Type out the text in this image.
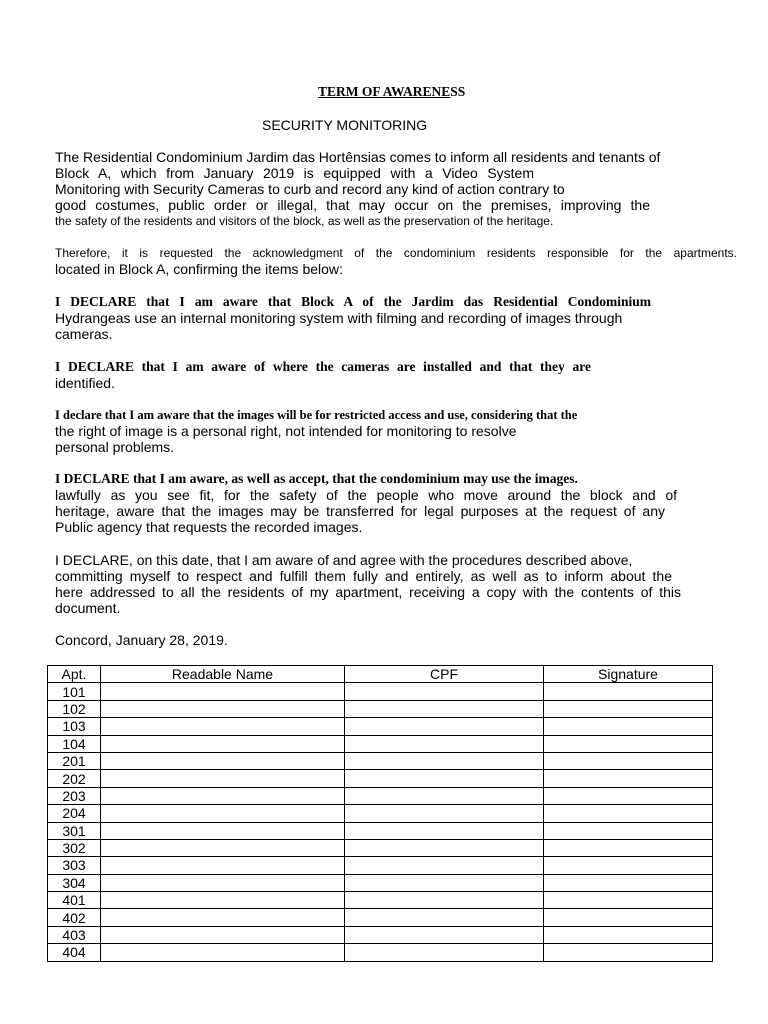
TERM OF AWARENESS
SECURITY MONITORING
The Residential Condominium Jardim das Hortênsias comes to inform all residents and tenants of
Block A, which from January 2019 is equipped with a Video System
Monitoring with Security Cameras to curb and record any kind of action contrary to
good costumes, public order or illegal, that may occur on the premises, improving the
the safety of the residents and visitors of the block, as well as the preservation of the heritage.
Therefore, it is requested the acknowledgment of the condominium residents responsible for the apartments.
located in Block A, confirming the items below:
I DECLARE that I am aware that Block A of the Jardim das Residential Condominium
Hydrangeas use an internal monitoring system with filming and recording of images through
cameras.
I DECLARE that I am aware of where the cameras are installed and that they are
identified.
I declare that I am aware that the images will be for restricted access and use, considering that the
the right of image is a personal right, not intended for monitoring to resolve
personal problems.
I DECLARE that I am aware, as well as accept, that the condominium may use the images.
lawfully as you see fit, for the safety of the people who move around the block and of
heritage, aware that the images may be transferred for legal purposes at the request of any
Public agency that requests the recorded images.
I DECLARE, on this date, that I am aware of and agree with the procedures described above,
committing myself to respect and fulfill them fully and entirely, as well as to inform about the
here addressed to all the residents of my apartment, receiving a copy with the contents of this
document.
Concord, January 28, 2019.
Apt.	Readable Name	CPF	Signature
101			
102			
103			
104			
201			
202			
203			
204			
301			
302			
303			
304			
401			
402			
403			
404			
